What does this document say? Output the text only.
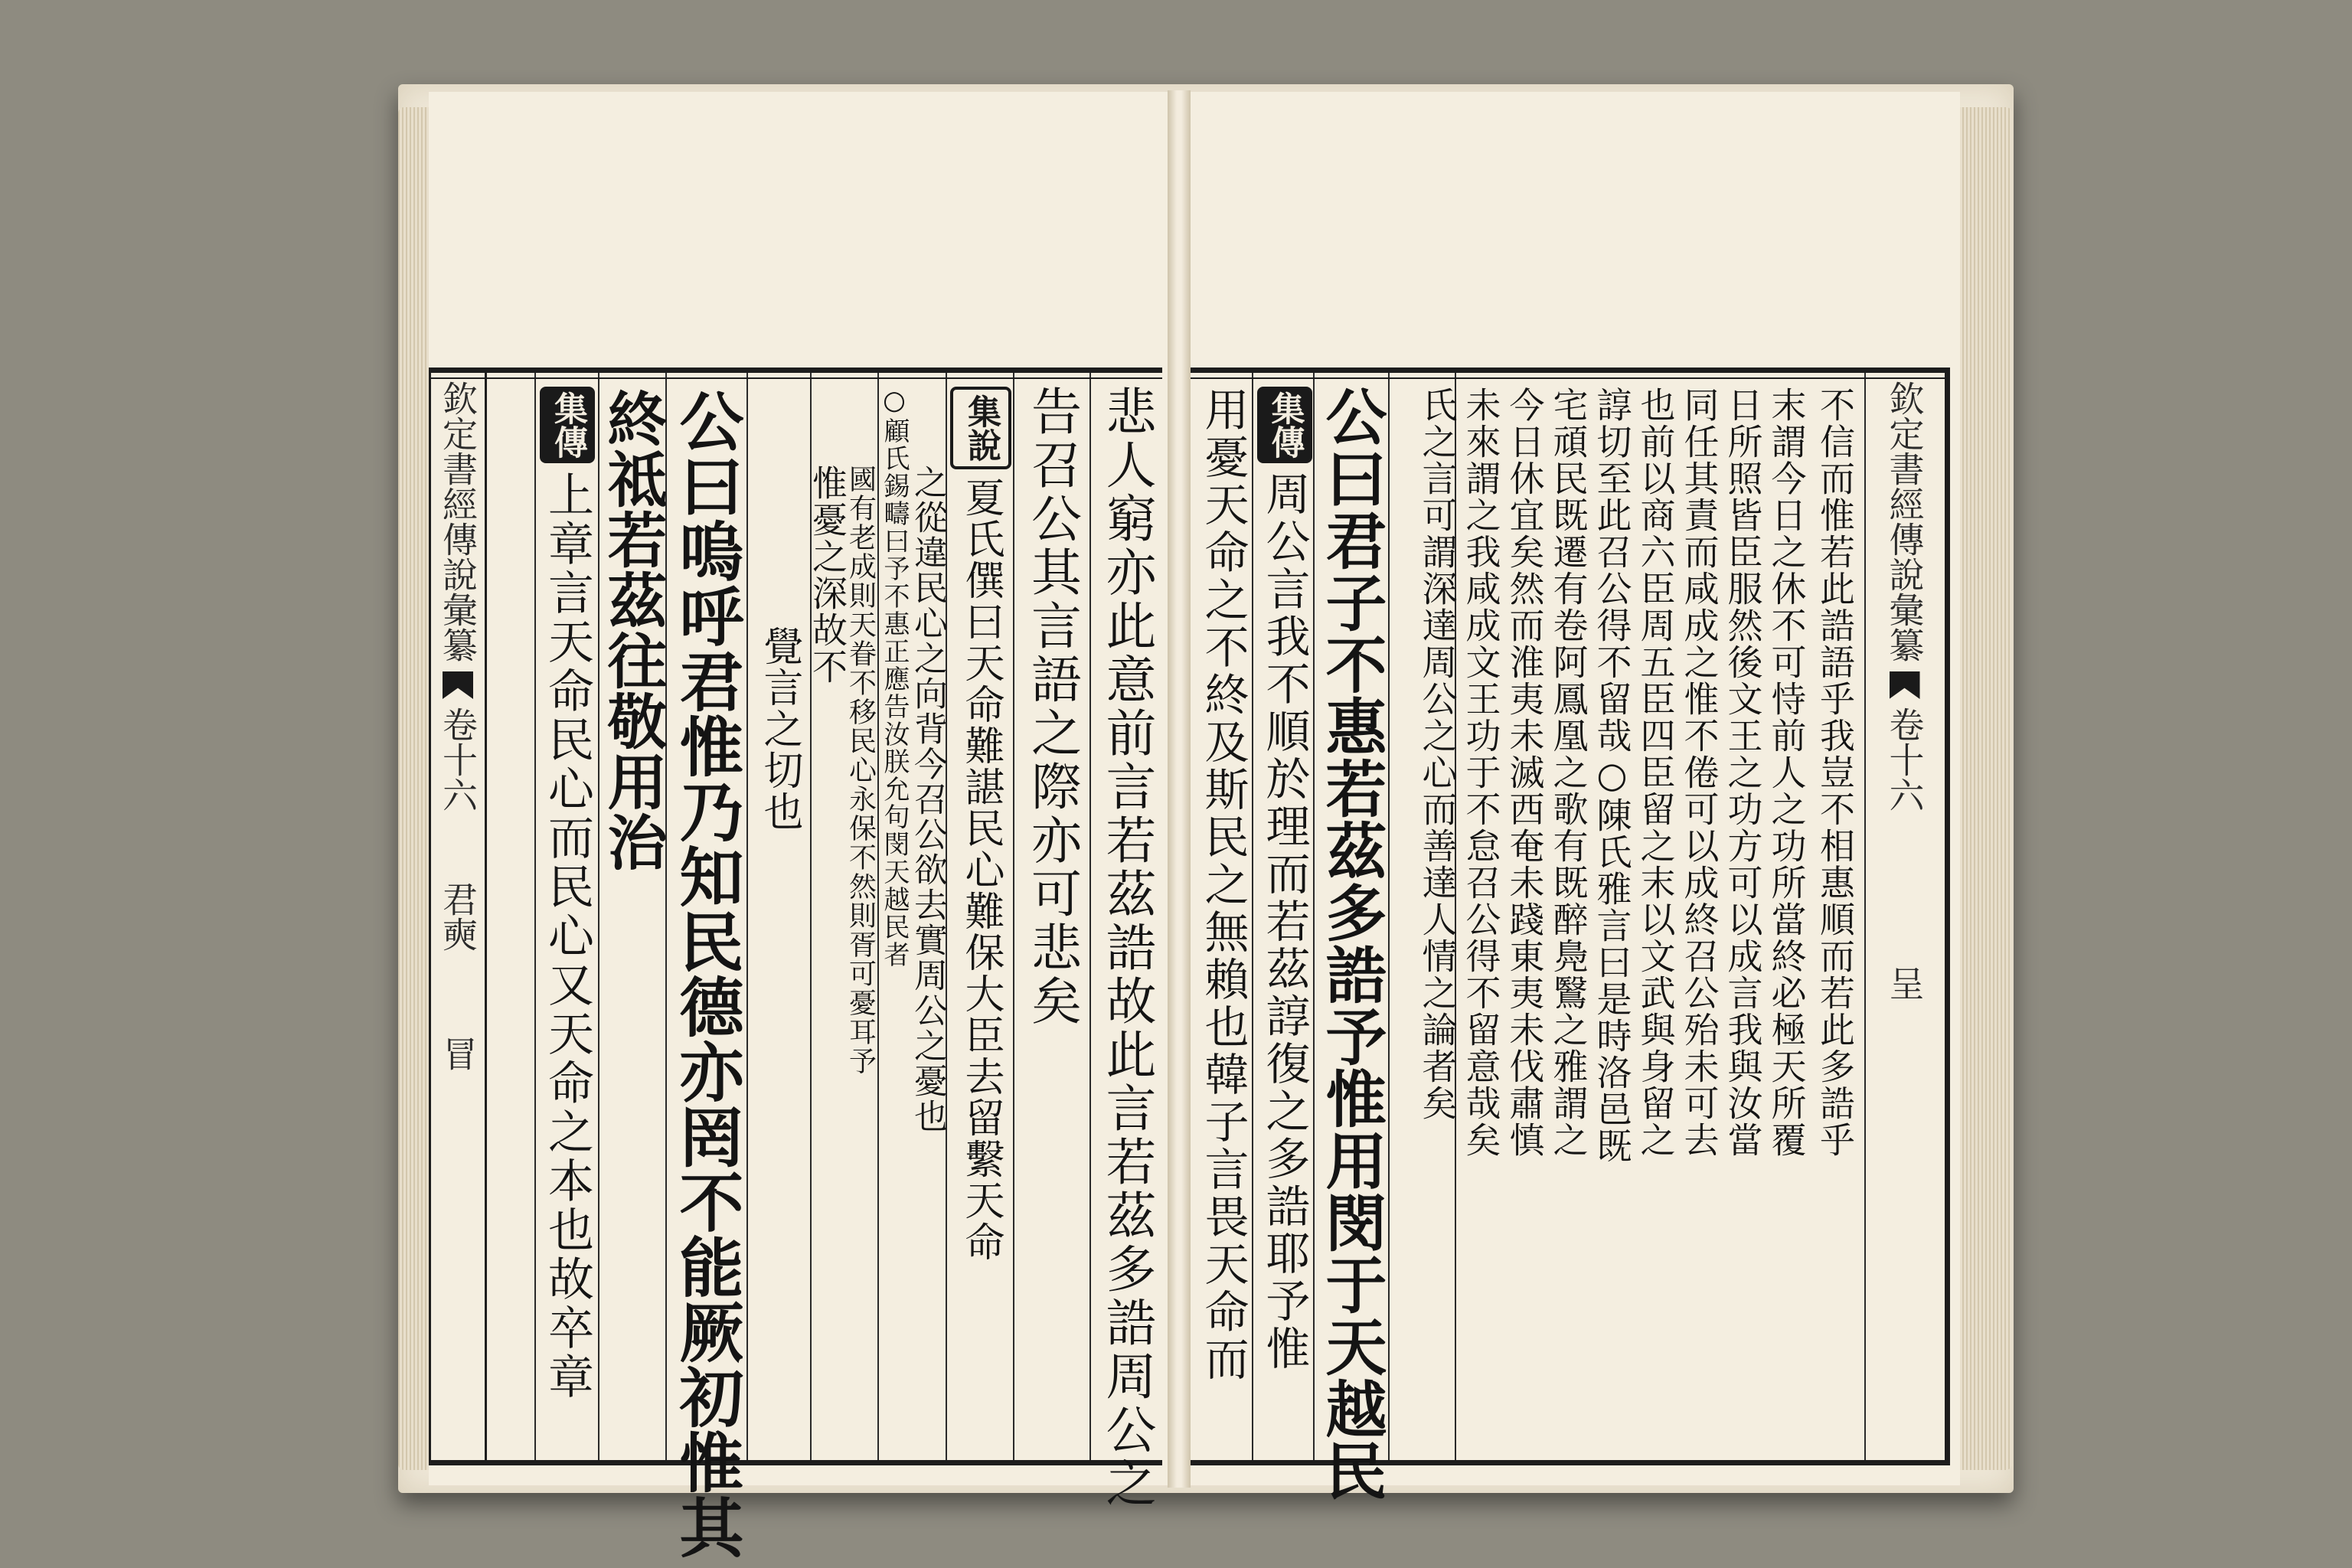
欽定書經傳說彙纂
卷十六
君奭
冒	悲人窮亦此意前言若茲誥故此言若茲多誥周公之
告召公其言語之際亦可悲矣
集說
夏氏僎曰天命難諶民心難保大臣去留繫天命
之從違民心之向背今召公欲去實周公之憂也
○顧氏錫疇曰予不惠正應告汝朕允句閔天越民者
國有老成則天眷不移民心永保不然則胥可憂耳予
惟憂之深故不
覺言之切也
公曰嗚呼君惟乃知民德亦罔不能厥初惟其
終祗若茲往敬用治
集傳
上章言天命民心而民心又天命之本也故卒章	不信而惟若此誥語乎我豈不相惠順而若此多誥乎
末謂今日之休不可恃前人之功所當終必極天所覆
日所照皆臣服然後文王之功方可以成言我與汝當
同任其責而咸成之惟不倦可以成終召公殆未可去
也前以商六臣周五臣四臣留之末以文武與身留之
諄切至此召公得不留哉○陳氏雅言曰是時洛邑既
宅頑民既遷有卷阿鳳凰之歌有既醉鳧鷖之雅謂之
今日休宜矣然而淮夷未滅西奄未踐東夷未伐肅慎
未來謂之我咸成文王功于不怠召公得不留意哉矣
氏之言可謂深達周公之心而善達人情之論者矣
公曰君子不惠若茲多誥予惟用閔于天越民
集傳
周公言我不順於理而若茲諄復之多誥耶予惟
用憂天命之不終及斯民之無賴也韓子言畏天命而	欽定書經傳說彙纂
卷十六
呈
